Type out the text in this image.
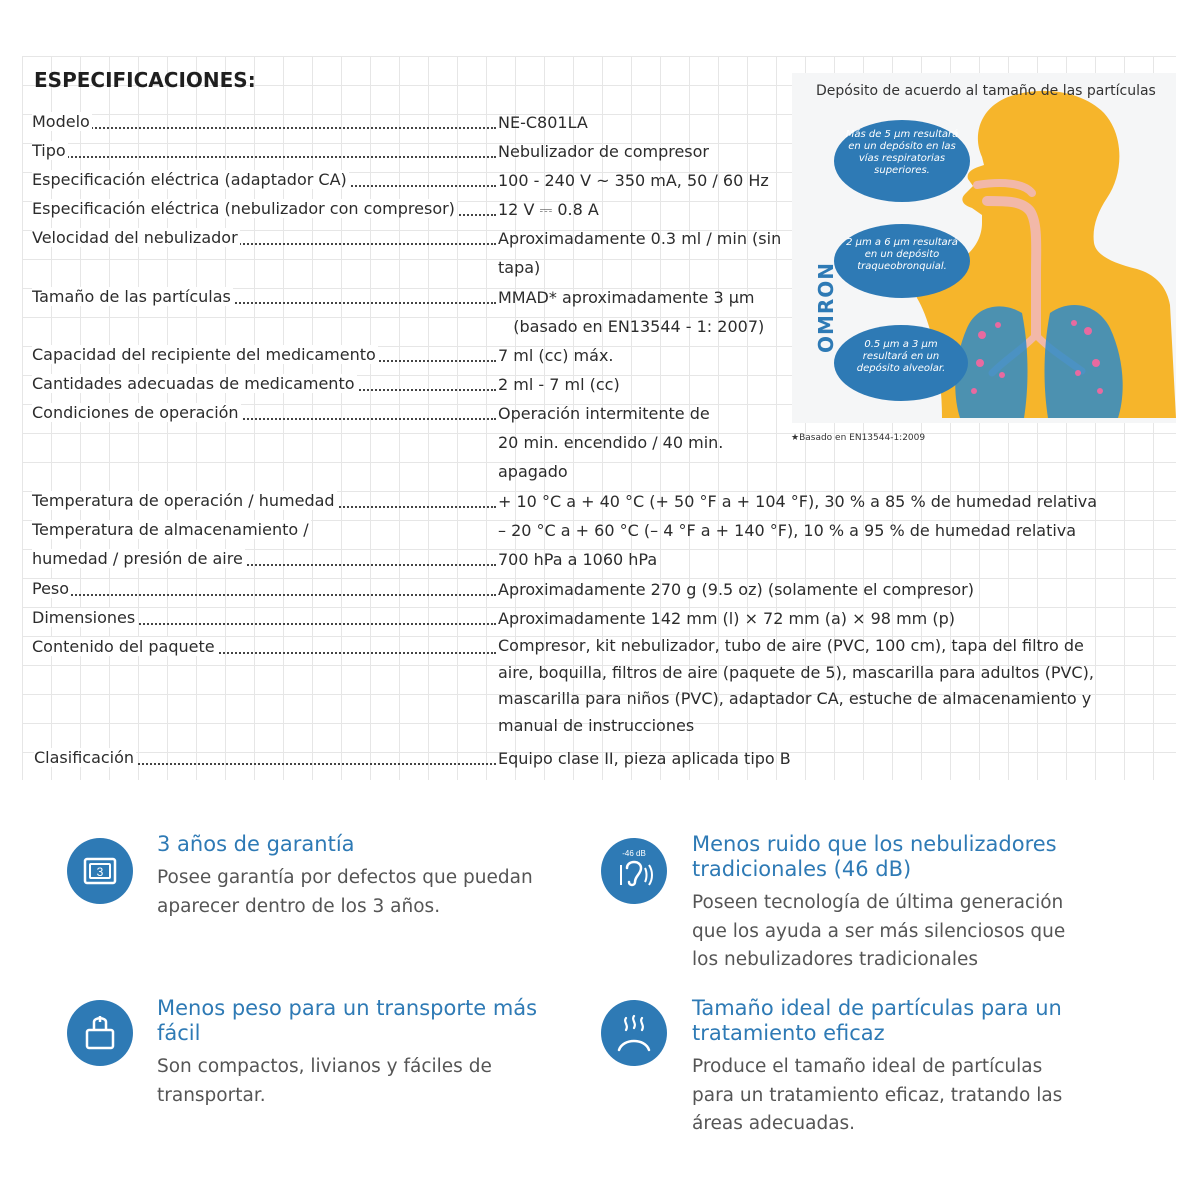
ESPECIFICACIONES:
Modelo	NE-C801LA
Tipo	Nebulizador de compresor
Especificación eléctrica (adaptador CA)	100 - 240 V ~ 350 mA, 50 / 60 Hz
Especificación eléctrica (nebulizador con compresor)	12 V ⎓ 0.8 A
Velocidad del nebulizador	Aproximadamente 0.3 ml / min (sin
tapa)
Tamaño de las partículas	MMAD* aproximadamente 3 µm
(basado en EN13544 - 1: 2007)
Capacidad del recipiente del medicamento	7 ml (cc) máx.
Cantidades adecuadas de medicamento	2 ml - 7 ml (cc)
Condiciones de operación	Operación intermitente de
20 min. encendido / 40 min.
apagado
Temperatura de operación / humedad	+ 10 °C a + 40 °C (+ 50 °F a + 104 °F), 30 % a 85 % de humedad relativa
Temperatura de almacenamiento /	– 20 °C a + 60 °C (– 4 °F a + 140 °F), 10 % a 95 % de humedad relativa
humedad / presión de aire	700 hPa a 1060 hPa
Peso	Aproximadamente 270 g (9.5 oz) (solamente el compresor)
Dimensiones	Aproximadamente 142 mm (l) × 72 mm (a) × 98 mm (p)
Contenido del paquete	Compresor, kit nebulizador, tubo de aire (PVC, 100 cm), tapa del filtro de
aire, boquilla, filtros de aire (paquete de 5), mascarilla para adultos (PVC),
mascarilla para niños (PVC), adaptador CA, estuche de almacenamiento y
manual de instrucciones
Clasificación	Equipo clase II, pieza aplicada tipo B
Depósito de acuerdo al tamaño de las partículas
OMRON
Más de 5 µm resultará en un depósito en las vías respiratorias superiores.
2 µm a 6 µm resultará en un depósito traqueobronquial.
0.5 µm a 3 µm resultará en un depósito alveolar.
★Basado en EN13544-1:2009
3
3 años de garantía

Posee garantía por defectos que puedan
aparecer dentro de los 3 años.

-46 dB Menos ruido que los nebulizadores
tradicionales (46 dB)

Poseen tecnología de última generación
que los ayuda a ser más silenciosos que
los nebulizadores tradicionales

Menos peso para un transporte más
fácil

Son compactos, livianos y fáciles de
transportar.

Tamaño ideal de partículas para un
tratamiento eficaz

Produce el tamaño ideal de partículas
para un tratamiento eficaz, tratando las
áreas adecuadas.
